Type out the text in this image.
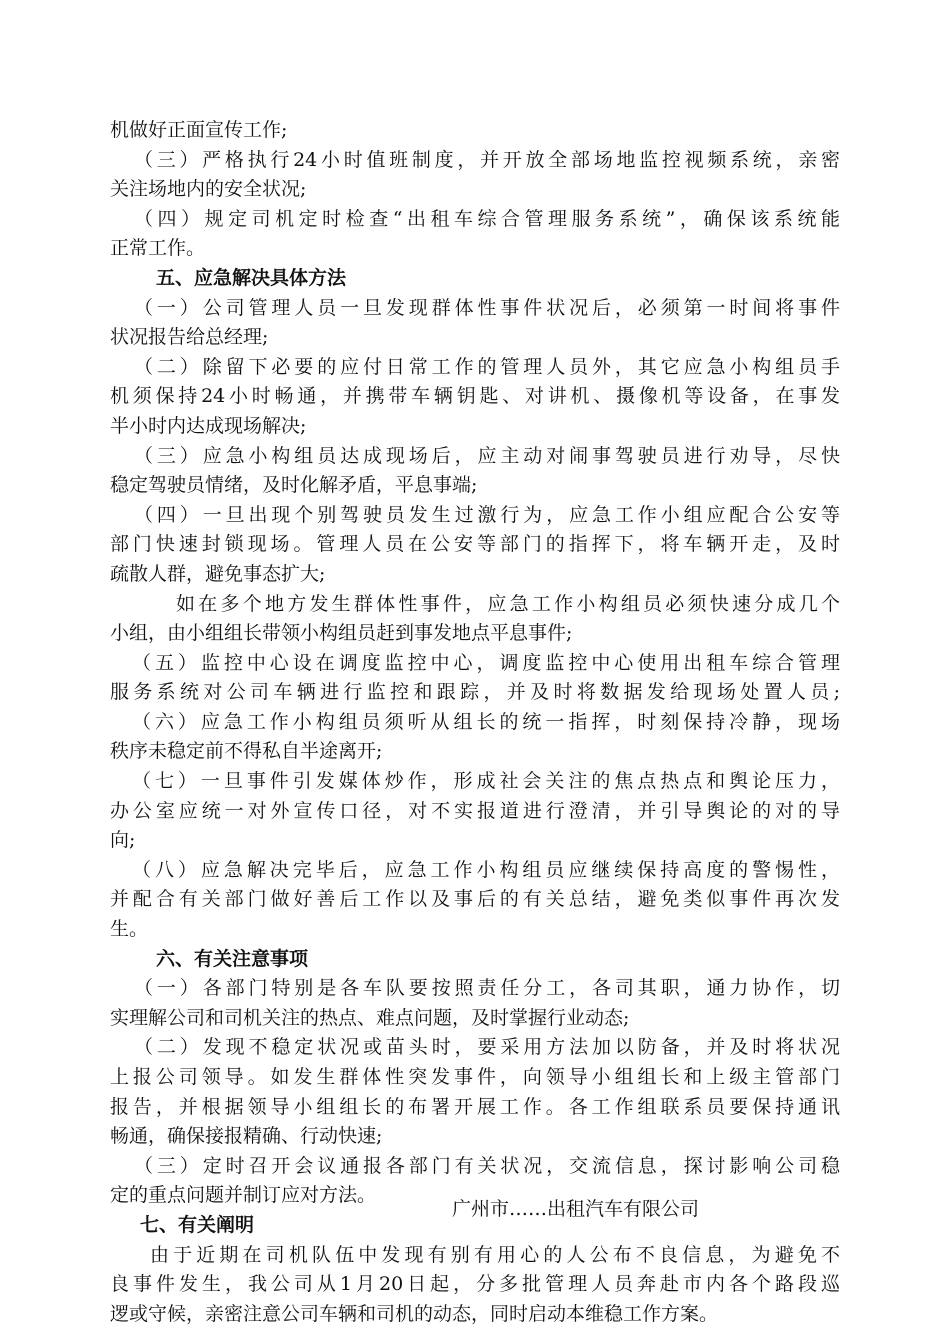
机做好正面宣传工作;
（三）严格执行24小时值班制度，并开放全部场地监控视频系统，亲密
关注场地内的安全状况;
（四）规定司机定时检查“出租车综合管理服务系统”，确保该系统能
正常工作。
五、应急解决具体方法
（一）公司管理人员一旦发现群体性事件状况后，必须第一时间将事件
状况报告给总经理;
（二）除留下必要的应付日常工作的管理人员外，其它应急小构组员手
机须保持24小时畅通，并携带车辆钥匙、对讲机、摄像机等设备，在事发
半小时内达成现场解决;
（三）应急小构组员达成现场后，应主动对闹事驾驶员进行劝导，尽快
稳定驾驶员情绪，及时化解矛盾，平息事端;
（四）一旦出现个别驾驶员发生过激行为，应急工作小组应配合公安等
部门快速封锁现场。管理人员在公安等部门的指挥下，将车辆开走，及时
疏散人群，避免事态扩大;
如在多个地方发生群体性事件，应急工作小构组员必须快速分成几个
小组，由小组组长带领小构组员赶到事发地点平息事件;
（五）监控中心设在调度监控中心，调度监控中心使用出租车综合管理
服务系统对公司车辆进行监控和跟踪，并及时将数据发给现场处置人员;
（六）应急工作小构组员须听从组长的统一指挥，时刻保持冷静，现场
秩序未稳定前不得私自半途离开;
（七）一旦事件引发媒体炒作，形成社会关注的焦点热点和舆论压力，
办公室应统一对外宣传口径，对不实报道进行澄清，并引导舆论的对的导
向;
（八）应急解决完毕后，应急工作小构组员应继续保持高度的警惕性，
并配合有关部门做好善后工作以及事后的有关总结，避免类似事件再次发
生。
六、有关注意事项
（一）各部门特别是各车队要按照责任分工，各司其职，通力协作，切
实理解公司和司机关注的热点、难点问题，及时掌握行业动态;
（二）发现不稳定状况或苗头时，要采用方法加以防备，并及时将状况
上报公司领导。如发生群体性突发事件，向领导小组组长和上级主管部门
报告，并根据领导小组组长的布署开展工作。各工作组联系员要保持通讯
畅通，确保接报精确、行动快速;
（三）定时召开会议通报各部门有关状况，交流信息，探讨影响公司稳
定的重点问题并制订应对方法。
七、有关阐明
由于近期在司机队伍中发现有别有用心的人公布不良信息，为避免不
良事件发生，我公司从1月20日起，分多批管理人员奔赴市内各个路段巡
逻或守候，亲密注意公司车辆和司机的动态，同时启动本维稳工作方案。
广州市……出租汽车有限公司
